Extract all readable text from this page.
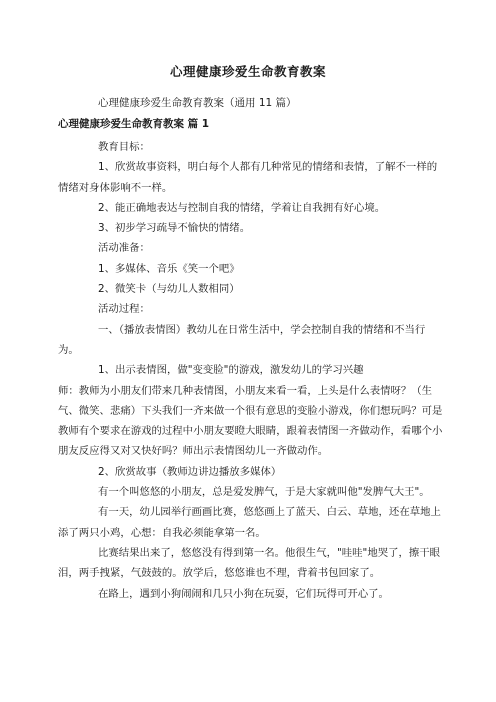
心理健康珍爱生命教育教案
心理健康珍爱生命教育教案（通用 11 篇）
心理健康珍爱生命教育教案 篇 1

教育目标：

1、欣赏故事资料，明白每个人都有几种常见的情绪和表情，了解不一样的情绪对身体影响不一样。

2、能正确地表达与控制自我的情绪，学着让自我拥有好心境。

3、初步学习疏导不愉快的情绪。

活动准备：

1、多媒体、音乐《笑一个吧》

2、微笑卡（与幼儿人数相同）

活动过程：

一、（播放表情图）教幼儿在日常生活中，学会控制自我的情绪和不当行为。

1、出示表情图，做"变变脸"的游戏，激发幼儿的学习兴趣

师：教师为小朋友们带来几种表情图，小朋友来看一看，上头是什么表情呀？（生气、微笑、悲痛）下头我们一齐来做一个很有意思的变脸小游戏，你们想玩吗？可是教师有个要求在游戏的过程中小朋友要瞪大眼睛，跟着表情图一齐做动作，看哪个小朋友反应得又对又快好吗？师出示表情图幼儿一齐做动作。

2、欣赏故事（教师边讲边播放多媒体）

有一个叫悠悠的小朋友，总是爱发脾气，于是大家就叫他"发脾气大王"。

有一天，幼儿园举行画画比赛，悠悠画上了蓝天、白云、草地，还在草地上添了两只小鸡，心想：自我必须能拿第一名。

比赛结果出来了，悠悠没有得到第一名。他很生气，"哇哇"地哭了，擦干眼泪，两手拽紧，气鼓鼓的。放学后，悠悠谁也不理，背着书包回家了。

在路上，遇到小狗闹闹和几只小狗在玩耍，它们玩得可开心了。
